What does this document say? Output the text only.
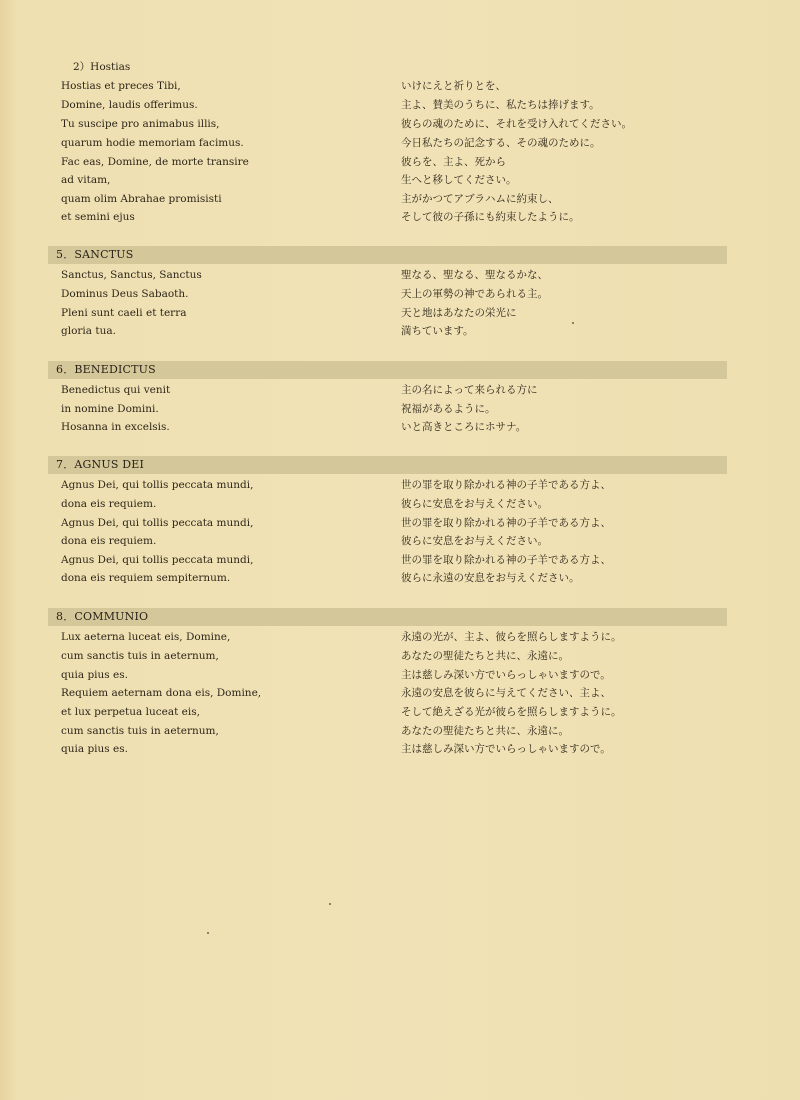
2）Hostias
Hostias et preces Tibi,	いけにえと祈りとを、
Domine, laudis offerimus.	主よ、賛美のうちに、私たちは捧げます。
Tu suscipe pro animabus illis,	彼らの魂のために、それを受け入れてください。
quarum hodie memoriam facimus.	今日私たちの記念する、その魂のために。
Fac eas, Domine, de morte transire	彼らを、主よ、死から
ad vitam,	生へと移してください。
quam olim Abrahae promisisti	主がかつてアブラハムに約束し、
et semini ejus	そして彼の子孫にも約束したように。
5．SANCTUS
Sanctus, Sanctus, Sanctus	聖なる、聖なる、聖なるかな、
Dominus Deus Sabaoth.	天上の軍勢の神であられる主。
Pleni sunt caeli et terra	天と地はあなたの栄光に
gloria tua.	満ちています。
6．BENEDICTUS
Benedictus qui venit	主の名によって来られる方に
in nomine Domini.	祝福があるように。
Hosanna in excelsis.	いと高きところにホサナ。
7．AGNUS DEI
Agnus Dei, qui tollis peccata mundi,	世の罪を取り除かれる神の子羊である方よ、
dona eis requiem.	彼らに安息をお与えください。
Agnus Dei, qui tollis peccata mundi,	世の罪を取り除かれる神の子羊である方よ、
dona eis requiem.	彼らに安息をお与えください。
Agnus Dei, qui tollis peccata mundi,	世の罪を取り除かれる神の子羊である方よ、
dona eis requiem sempiternum.	彼らに永遠の安息をお与えください。
8．COMMUNIO
Lux aeterna luceat eis, Domine,	永遠の光が、主よ、彼らを照らしますように。
cum sanctis tuis in aeternum,	あなたの聖徒たちと共に、永遠に。
quia pius es.	主は慈しみ深い方でいらっしゃいますので。
Requiem aeternam dona eis, Domine,	永遠の安息を彼らに与えてください、主よ、
et lux perpetua luceat eis,	そして絶えざる光が彼らを照らしますように。
cum sanctis tuis in aeternum,	あなたの聖徒たちと共に、永遠に。
quia pius es.	主は慈しみ深い方でいらっしゃいますので。
